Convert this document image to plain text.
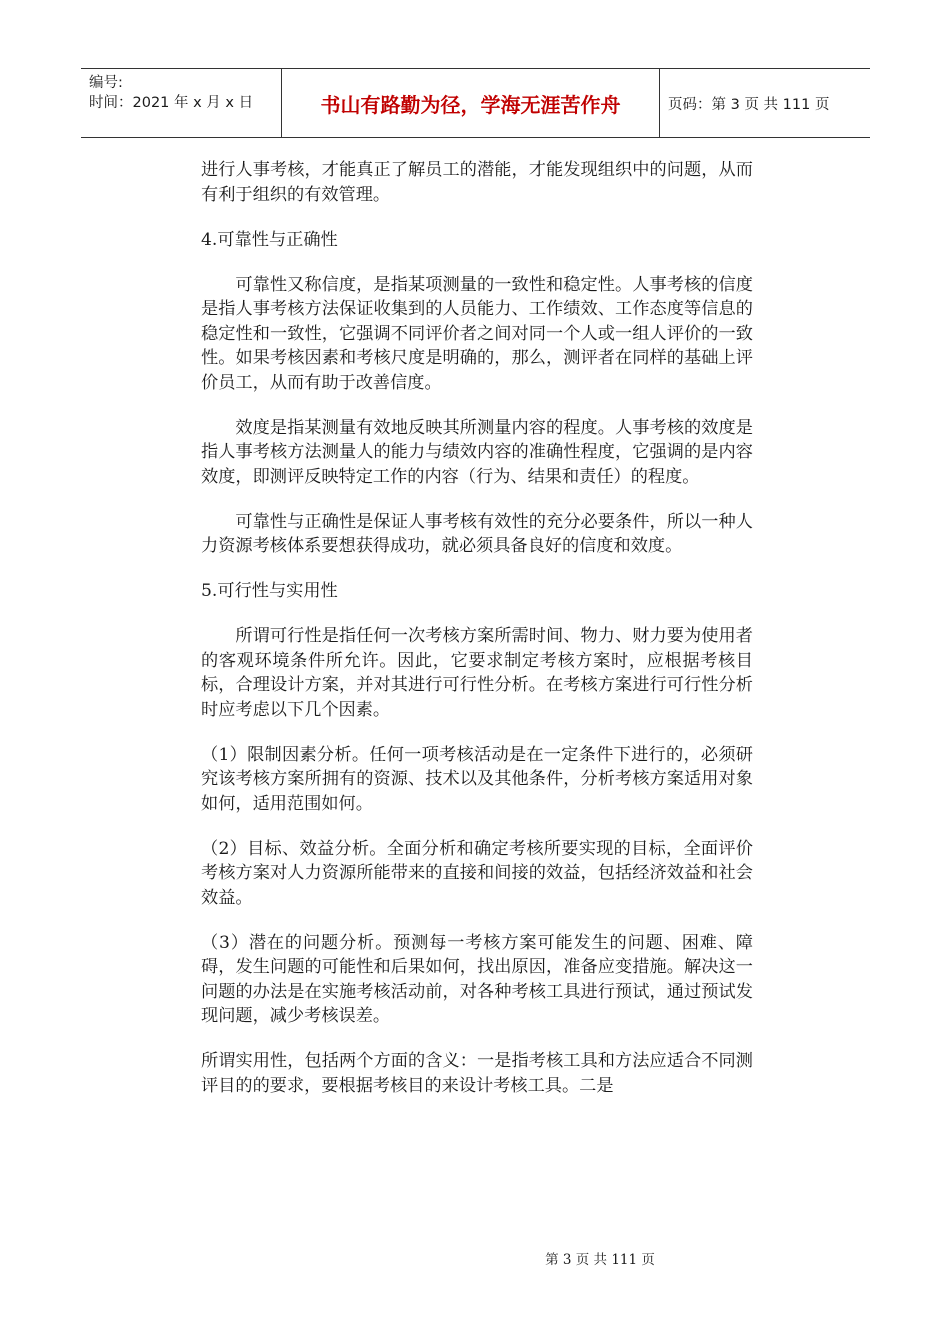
编号:
时间：2021 年 x 月 x 日	书山有路勤为径，学海无涯苦作舟	页码：第 3 页 共 111 页

进行人事考核，才能真正了解员工的潜能，才能发现组织中的问题，从而有利于组织的有效管理。

4.可靠性与正确性

可靠性又称信度，是指某项测量的一致性和稳定性。人事考核的信度是指人事考核方法保证收集到的人员能力、工作绩效、工作态度等信息的稳定性和一致性，它强调不同评价者之间对同一个人或一组人评价的一致性。如果考核因素和考核尺度是明确的，那么，测评者在同样的基础上评价员工，从而有助于改善信度。

效度是指某测量有效地反映其所测量内容的程度。人事考核的效度是指人事考核方法测量人的能力与绩效内容的准确性程度，它强调的是内容效度，即测评反映特定工作的内容（行为、结果和责任）的程度。

可靠性与正确性是保证人事考核有效性的充分必要条件，所以一种人力资源考核体系要想获得成功，就必须具备良好的信度和效度。

5.可行性与实用性

所谓可行性是指任何一次考核方案所需时间、物力、财力要为使用者的客观环境条件所允许。因此，它要求制定考核方案时，应根据考核目标，合理设计方案，并对其进行可行性分析。在考核方案进行可行性分析时应考虑以下几个因素。

（1）限制因素分析。任何一项考核活动是在一定条件下进行的，必须研究该考核方案所拥有的资源、技术以及其他条件，分析考核方案适用对象如何，适用范围如何。

（2）目标、效益分析。全面分析和确定考核所要实现的目标，全面评价考核方案对人力资源所能带来的直接和间接的效益，包括经济效益和社会效益。

（3）潜在的问题分析。预测每一考核方案可能发生的问题、困难、障碍，发生问题的可能性和后果如何，找出原因，准备应变措施。解决这一问题的办法是在实施考核活动前，对各种考核工具进行预试，通过预试发现问题，减少考核误差。

所谓实用性，包括两个方面的含义：一是指考核工具和方法应适合不同测评目的的要求，要根据考核目的来设计考核工具。二是

第 3 页 共 111 页
